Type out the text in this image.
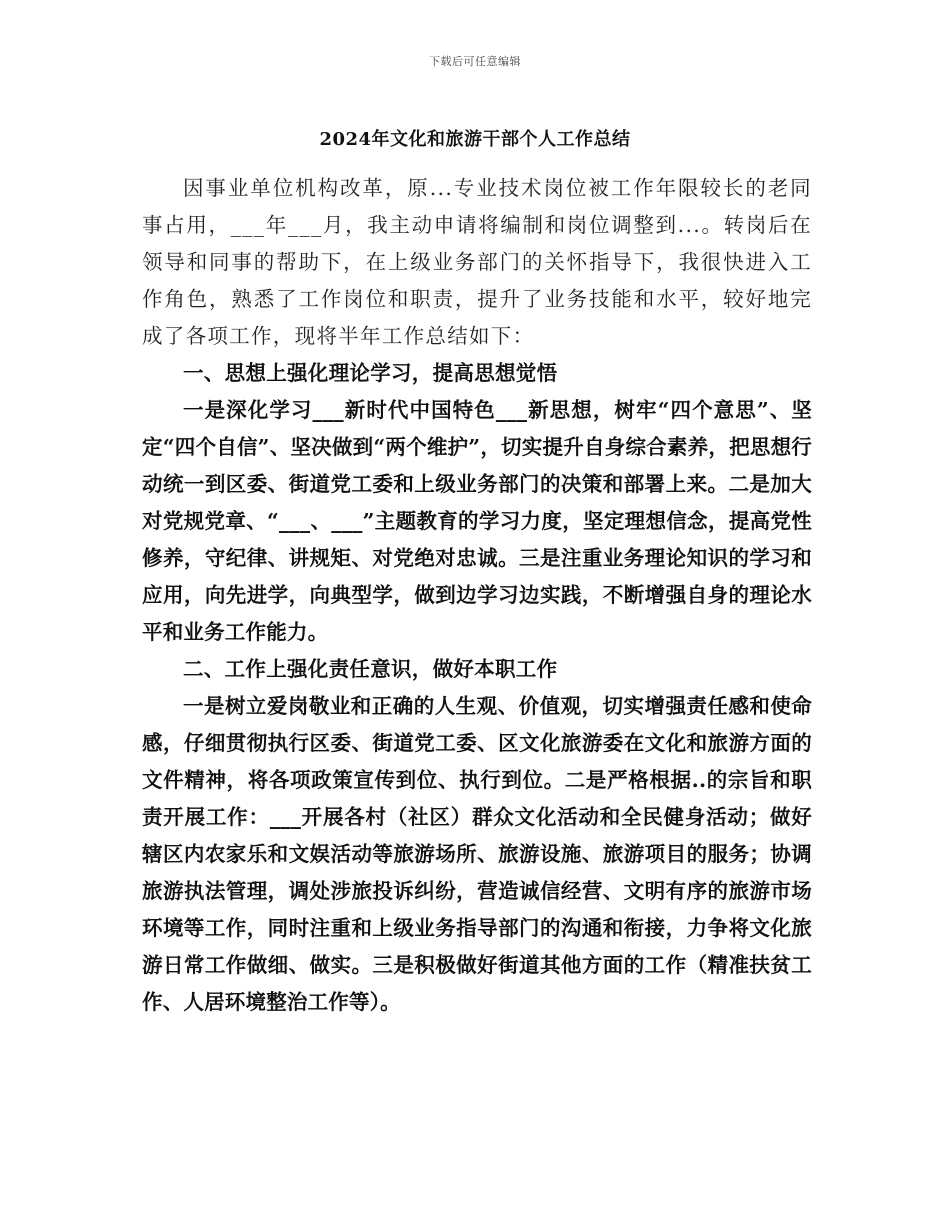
下载后可任意编辑
2024年文化和旅游干部个人工作总结

因事业单位机构改革，原...专业技术岗位被工作年限较长的老同事占用，___年___月，我主动申请将编制和岗位调整到...。转岗后在领导和同事的帮助下，在上级业务部门的关怀指导下，我很快进入工作角色，熟悉了工作岗位和职责，提升了业务技能和水平，较好地完成了各项工作，现将半年工作总结如下：

一、思想上强化理论学习，提高思想觉悟

一是深化学习___新时代中国特色___新思想，树牢“四个意思”、坚定“四个自信”、坚决做到“两个维护”，切实提升自身综合素养，把思想行动统一到区委、街道党工委和上级业务部门的决策和部署上来。二是加大对党规党章、“___、___”主题教育的学习力度，坚定理想信念，提高党性修养，守纪律、讲规矩、对党绝对忠诚。三是注重业务理论知识的学习和应用，向先进学，向典型学，做到边学习边实践，不断增强自身的理论水平和业务工作能力。

二、工作上强化责任意识，做好本职工作

一是树立爱岗敬业和正确的人生观、价值观，切实增强责任感和使命感，仔细贯彻执行区委、街道党工委、区文化旅游委在文化和旅游方面的文件精神，将各项政策宣传到位、执行到位。二是严格根据..的宗旨和职责开展工作：___开展各村（社区）群众文化活动和全民健身活动；做好辖区内农家乐和文娱活动等旅游场所、旅游设施、旅游项目的服务；协调旅游执法管理，调处涉旅投诉纠纷，营造诚信经营、文明有序的旅游市场环境等工作，同时注重和上级业务指导部门的沟通和衔接，力争将文化旅游日常工作做细、做实。三是积极做好街道其他方面的工作（精准扶贫工作、人居环境整治工作等）。
